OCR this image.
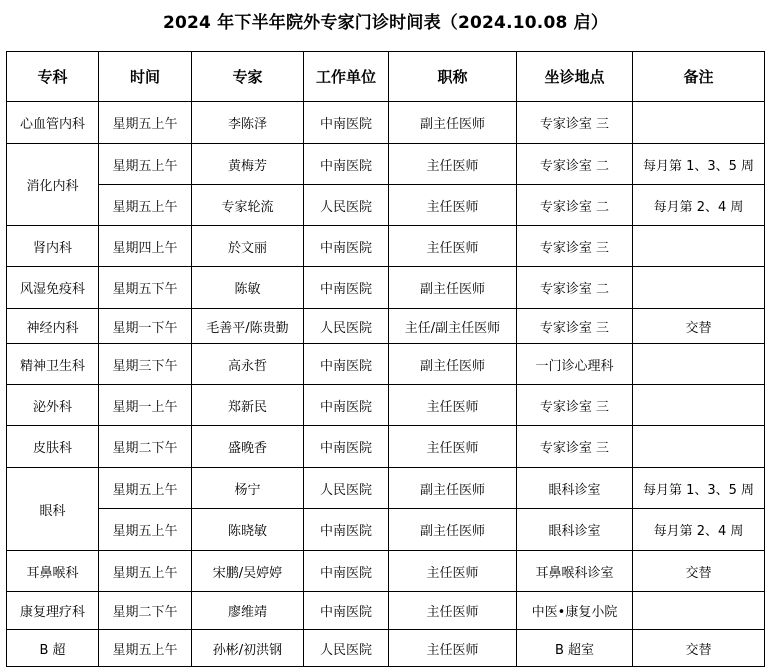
2024 年下半年院外专家门诊时间表（2024.10.08 启）
专科	时间	专家	工作单位	职称	坐诊地点	备注
心血管内科	星期五上午	李陈泽	中南医院	副主任医师	专家诊室 三	
消化内科	星期五上午	黄梅芳	中南医院	主任医师	专家诊室 二	每月第 1、3、5 周
	星期五上午	专家轮流	人民医院	主任医师	专家诊室 二	每月第 2、4 周
肾内科	星期四上午	於文丽	中南医院	主任医师	专家诊室 三	
风湿免疫科	星期五下午	陈敏	中南医院	副主任医师	专家诊室 二	
神经内科	星期一下午	毛善平/陈贵勤	人民医院	主任/副主任医师	专家诊室 三	交替
精神卫生科	星期三下午	高永哲	中南医院	副主任医师	一门诊心理科	
泌外科	星期一上午	郑新民	中南医院	主任医师	专家诊室 三	
皮肤科	星期二下午	盛晚香	中南医院	主任医师	专家诊室 三	
眼科	星期五上午	杨宁	人民医院	副主任医师	眼科诊室	每月第 1、3、5 周
	星期五上午	陈晓敏	中南医院	副主任医师	眼科诊室	每月第 2、4 周
耳鼻喉科	星期五上午	宋鹏/吴婷婷	中南医院	主任医师	耳鼻喉科诊室	交替
康复理疗科	星期二下午	廖维靖	中南医院	主任医师	中医•康复小院	
B 超	星期五上午	孙彬/初洪钢	人民医院	主任医师	B 超室	交替
